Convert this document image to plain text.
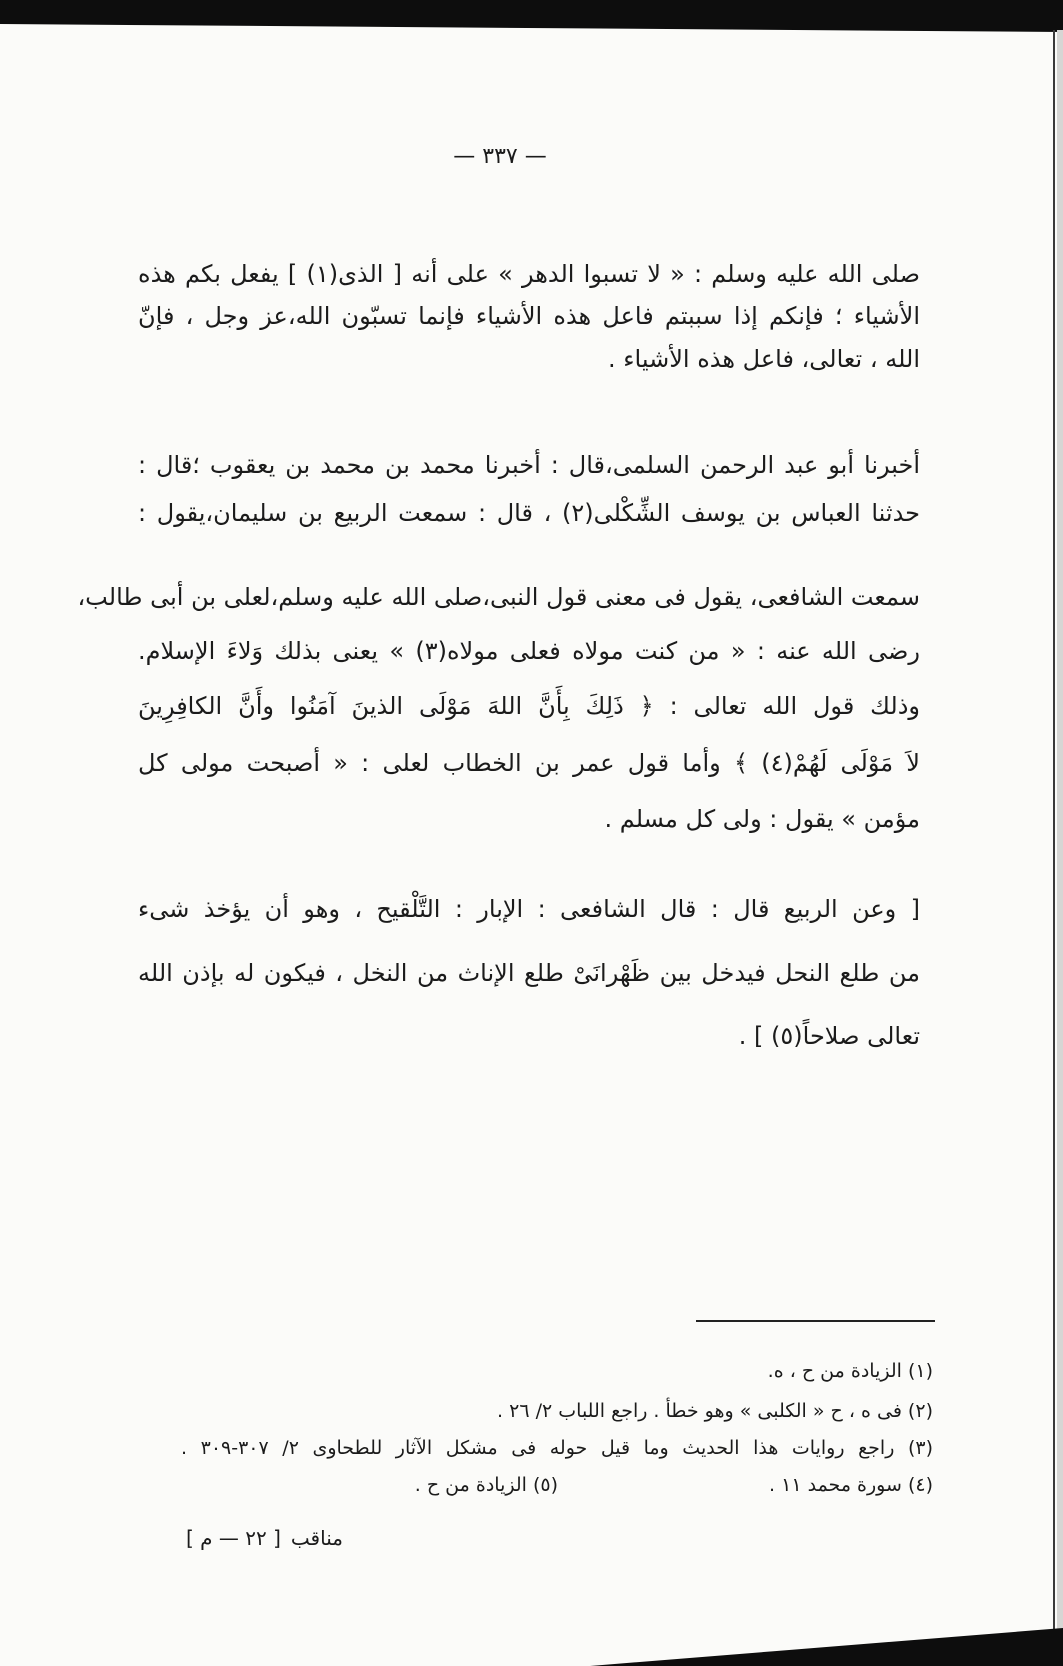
— ٣٣٧ —
صلى الله عليه وسلم : « لا تسبوا الدهر » على أنه [ الذى(١) ] يفعل بكم هذه
الأشياء ؛ فإنكم إذا سببتم فاعل هذه الأشياء فإنما تسبّون الله،عز وجل ، فإنّ
الله ، تعالى، فاعل هذه الأشياء .
أخبرنا أبو عبد الرحمن السلمى،قال : أخبرنا محمد بن محمد بن يعقوب ؛قال :
حدثنا العباس بن يوسف الشِّكْلى(٢) ، قال : سمعت الربيع بن سليمان،يقول :
سمعت الشافعى، يقول فى معنى قول النبى،صلى الله عليه وسلم،لعلى بن أبى طالب،
رضى الله عنه : « من كنت مولاه فعلى مولاه(٣) » يعنى بذلك وَلاءَ الإسلام.
وذلك قول الله تعالى : ﴿ ذَلِكَ بِأَنَّ اللهَ مَوْلَى الذينَ آمَنُوا وأَنَّ الكافِرِينَ
لاَ مَوْلَى لَهُمْ(٤) ﴾ وأما قول عمر بن الخطاب لعلى : « أصبحت مولى كل
مؤمن » يقول : ولى كل مسلم .
[ وعن الربيع قال : قال الشافعى : الإبار : التَّلْقيح ، وهو أن يؤخذ شىء
من طلع النحل فيدخل بين ظَهْرانَىْ طلع الإناث من النخل ، فيكون له بإذن الله
تعالى صلاحاً(٥) ] .
(١) الزيادة من ح ، ه.
(٢) فى ه ، ح « الكلبى » وهو خطأ . راجع اللباب ٢/ ٢٦ .
(٣) راجع روايات هذا الحديث وما قيل حوله فى مشكل الآثار للطحاوى ٢/ ٣٠٧-٣٠٩ .
(٤) سورة محمد ١١ .
(٥) الزيادة من ح .
[ م — ٢٢ ] مناقب
